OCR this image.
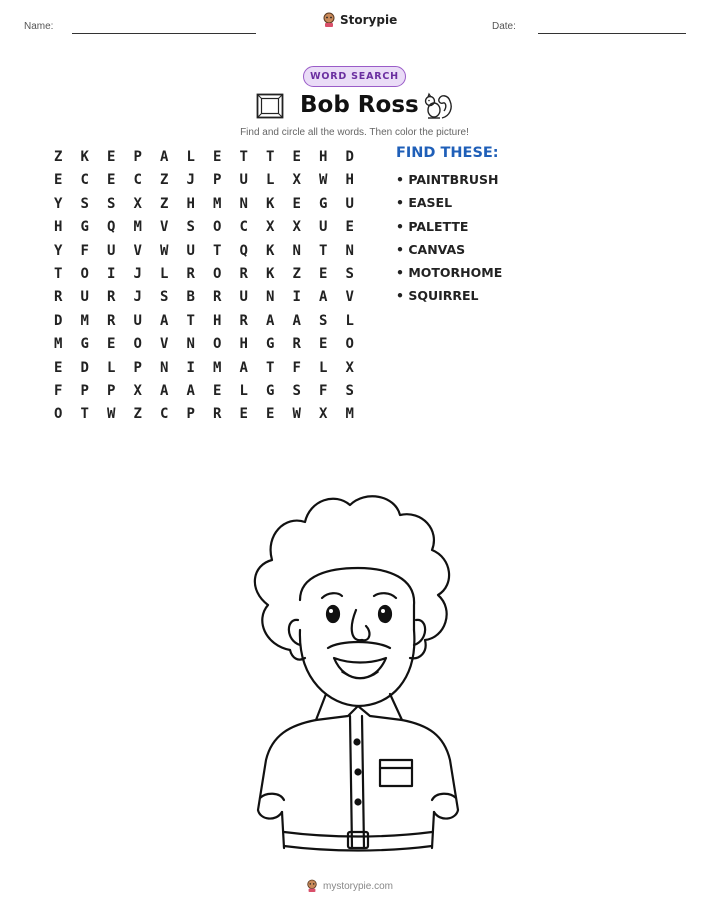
Name:	Storypie	Date:
WORD SEARCH
Bob Ross
Find and circle all the words. Then color the picture!
Z	K	E	P	A	L	E	T	T	E	H	D
E	C	E	C	Z	J	P	U	L	X	W	H
Y	S	S	X	Z	H	M	N	K	E	G	U
H	G	Q	M	V	S	O	C	X	X	U	E
Y	F	U	V	W	U	T	Q	K	N	T	N
T	O	I	J	L	R	O	R	K	Z	E	S
R	U	R	J	S	B	R	U	N	I	A	V
D	M	R	U	A	T	H	R	A	A	S	L
M	G	E	O	V	N	O	H	G	R	E	O
E	D	L	P	N	I	M	A	T	F	L	X
F	P	P	X	A	A	E	L	G	S	F	S
O	T	W	Z	C	P	R	E	E	W	X	M
FIND THESE:
• PAINTBRUSH
• EASEL
• PALETTE
• CANVAS
• MOTORHOME
• SQUIRREL
mystorypie.com
